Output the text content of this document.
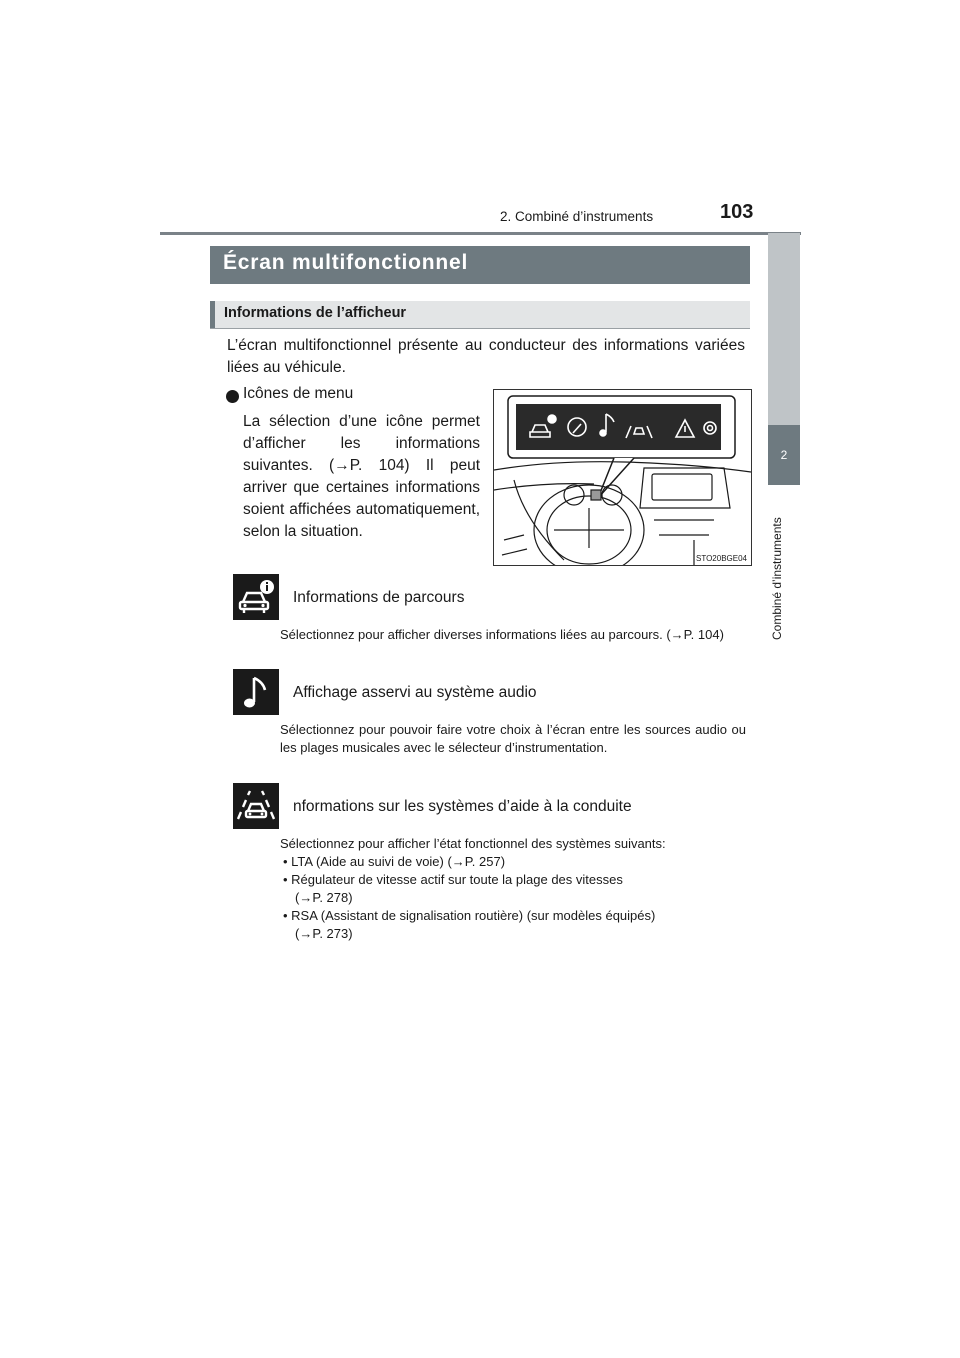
2. Combiné d’instruments	103
2
Combiné d’instruments
Écran multifonctionnel
Informations de l’afficheur
L’écran multifonctionnel présente au conducteur des informations variées liées au véhicule.
Icônes de menu
La sélection d’une icône permet d’afficher les informations suivantes. (→P. 104) Il peut arriver que certaines informations soient affichées automatiquement, selon la situation.
STO20BGE04
Informations de parcours
Sélectionnez pour afficher diverses informations liées au parcours. (→P. 104)
Affichage asservi au système audio
Sélectionnez pour pouvoir faire votre choix à l’écran entre les sources audio ou les plages musicales avec le sélecteur d’instrumentation.
nformations sur les systèmes d’aide à la conduite
Sélectionnez pour afficher l’état fonctionnel des systèmes suivants:
• LTA (Aide au suivi de voie) (→P. 257)
• Régulateur de vitesse actif sur toute la plage des vitesses
(→P. 278)
• RSA (Assistant de signalisation routière) (sur modèles équipés)
(→P. 273)
